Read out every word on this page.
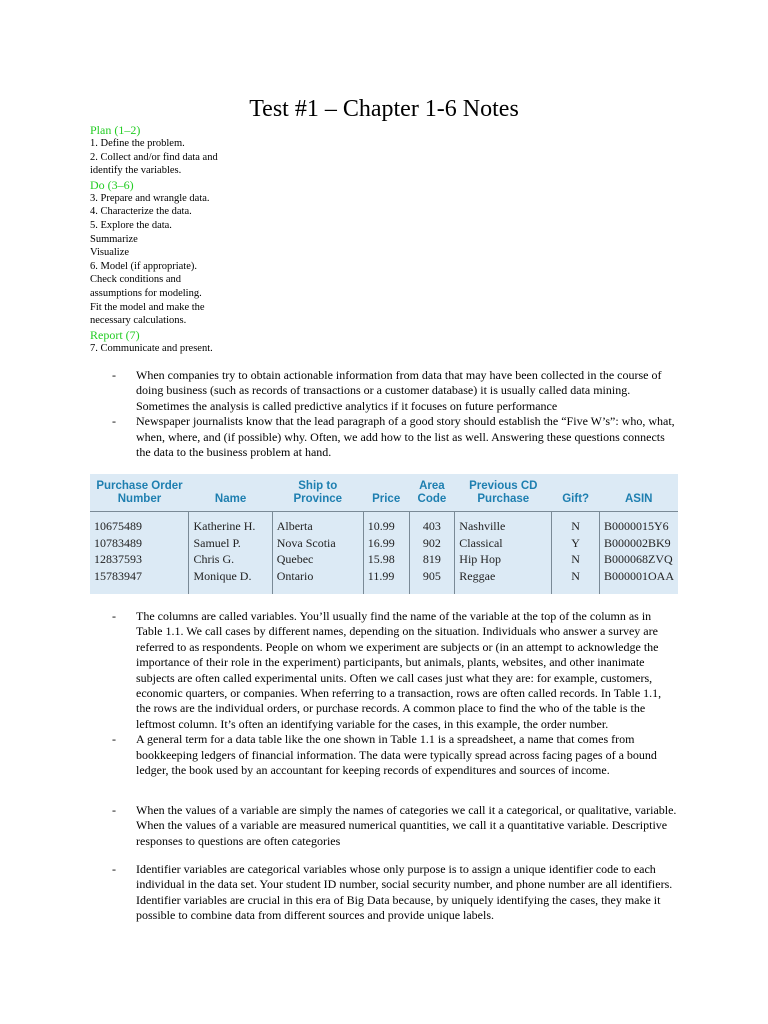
Test #1 – Chapter 1-6 Notes
Plan (1–2)
1. Define the problem.
2. Collect and/or find data and
identify the variables.
Do (3–6)
3. Prepare and wrangle data.
4. Characterize the data.
5. Explore the data.
Summarize
Visualize
6. Model (if appropriate).
Check conditions and
assumptions for modeling.
Fit the model and make the
necessary calculations.
Report (7)
7. Communicate and present.

- When companies try to obtain actionable information from data that may have been collected in the course of doing business (such as records of transactions or a customer database) it is usually called data mining. Sometimes the analysis is called predictive analytics if it focuses on future performance

- Newspaper journalists know that the lead paragraph of a good story should establish the “Five W’s”: who, what, when, where, and (if possible) why. Often, we add how to the list as well. Answering these questions connects the data to the business problem at hand.

Purchase Order Number	Name	Ship to Province	Price	Area Code	Previous CD Purchase	Gift?	ASIN
10675489	Katherine H.	Alberta	10.99	403	Nashville	N	B0000015Y6
10783489	Samuel P.	Nova Scotia	16.99	902	Classical	Y	B000002BK9
12837593	Chris G.	Quebec	15.98	819	Hip Hop	N	B000068ZVQ
15783947	Monique D.	Ontario	11.99	905	Reggae	N	B000001OAA

- The columns are called variables. You’ll usually find the name of the variable at the top of the column as in Table 1.1. We call cases by different names, depending on the situation. Individuals who answer a survey are referred to as respondents. People on whom we experiment are subjects or (in an attempt to acknowledge the importance of their role in the experiment) participants, but animals, plants, websites, and other inanimate subjects are often called experimental units. Often we call cases just what they are: for example, customers, economic quarters, or companies. When referring to a transaction, rows are often called records. In Table 1.1, the rows are the individual orders, or purchase records. A common place to find the who of the table is the leftmost column. It’s often an identifying variable for the cases, in this example, the order number.

- A general term for a data table like the one shown in Table 1.1 is a spreadsheet, a name that comes from bookkeeping ledgers of financial information. The data were typically spread across facing pages of a bound ledger, the book used by an accountant for keeping records of expenditures and sources of income.

- When the values of a variable are simply the names of categories we call it a categorical, or qualitative, variable. When the values of a variable are measured numerical quantities, we call it a quantitative variable. Descriptive responses to questions are often categories

- Identifier variables are categorical variables whose only purpose is to assign a unique identifier code to each individual in the data set. Your student ID number, social security number, and phone number are all identifiers. Identifier variables are crucial in this era of Big Data because, by uniquely identifying the cases, they make it possible to combine data from different sources and provide unique labels.
